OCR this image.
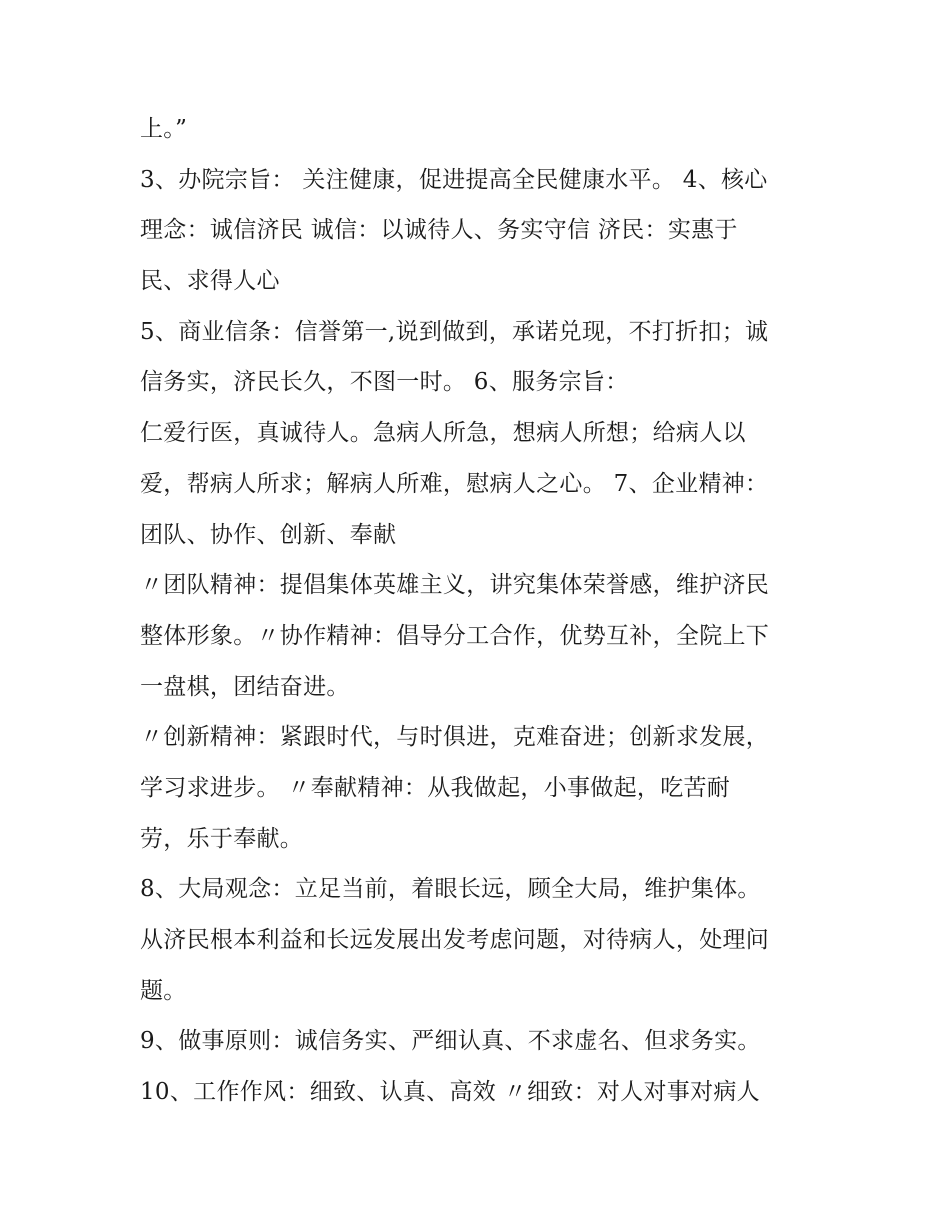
上。”
3、办院宗旨： 关注健康，促进提高全民健康水平。 4、核心
理念：诚信济民 诚信：以诚待人、务实守信 济民：实惠于
民、求得人心
5、商业信条：信誉第一,说到做到，承诺兑现，不打折扣；诚
信务实，济民长久，不图一时。 6、服务宗旨：
仁爱行医，真诚待人。急病人所急，想病人所想；给病人以
爱，帮病人所求；解病人所难，慰病人之心。 7、企业精神：
团队、协作、创新、奉献
〃团队精神：提倡集体英雄主义，讲究集体荣誉感，维护济民
整体形象。〃协作精神：倡导分工合作，优势互补，全院上下
一盘棋，团结奋进。
〃创新精神：紧跟时代，与时俱进，克难奋进；创新求发展，
学习求进步。 〃奉献精神：从我做起，小事做起，吃苦耐
劳，乐于奉献。
8、大局观念：立足当前，着眼长远，顾全大局，维护集体。
从济民根本利益和长远发展出发考虑问题，对待病人，处理问
题。
9、做事原则：诚信务实、严细认真、不求虚名、但求务实。
10、工作作风：细致、认真、高效 〃细致：对人对事对病人
